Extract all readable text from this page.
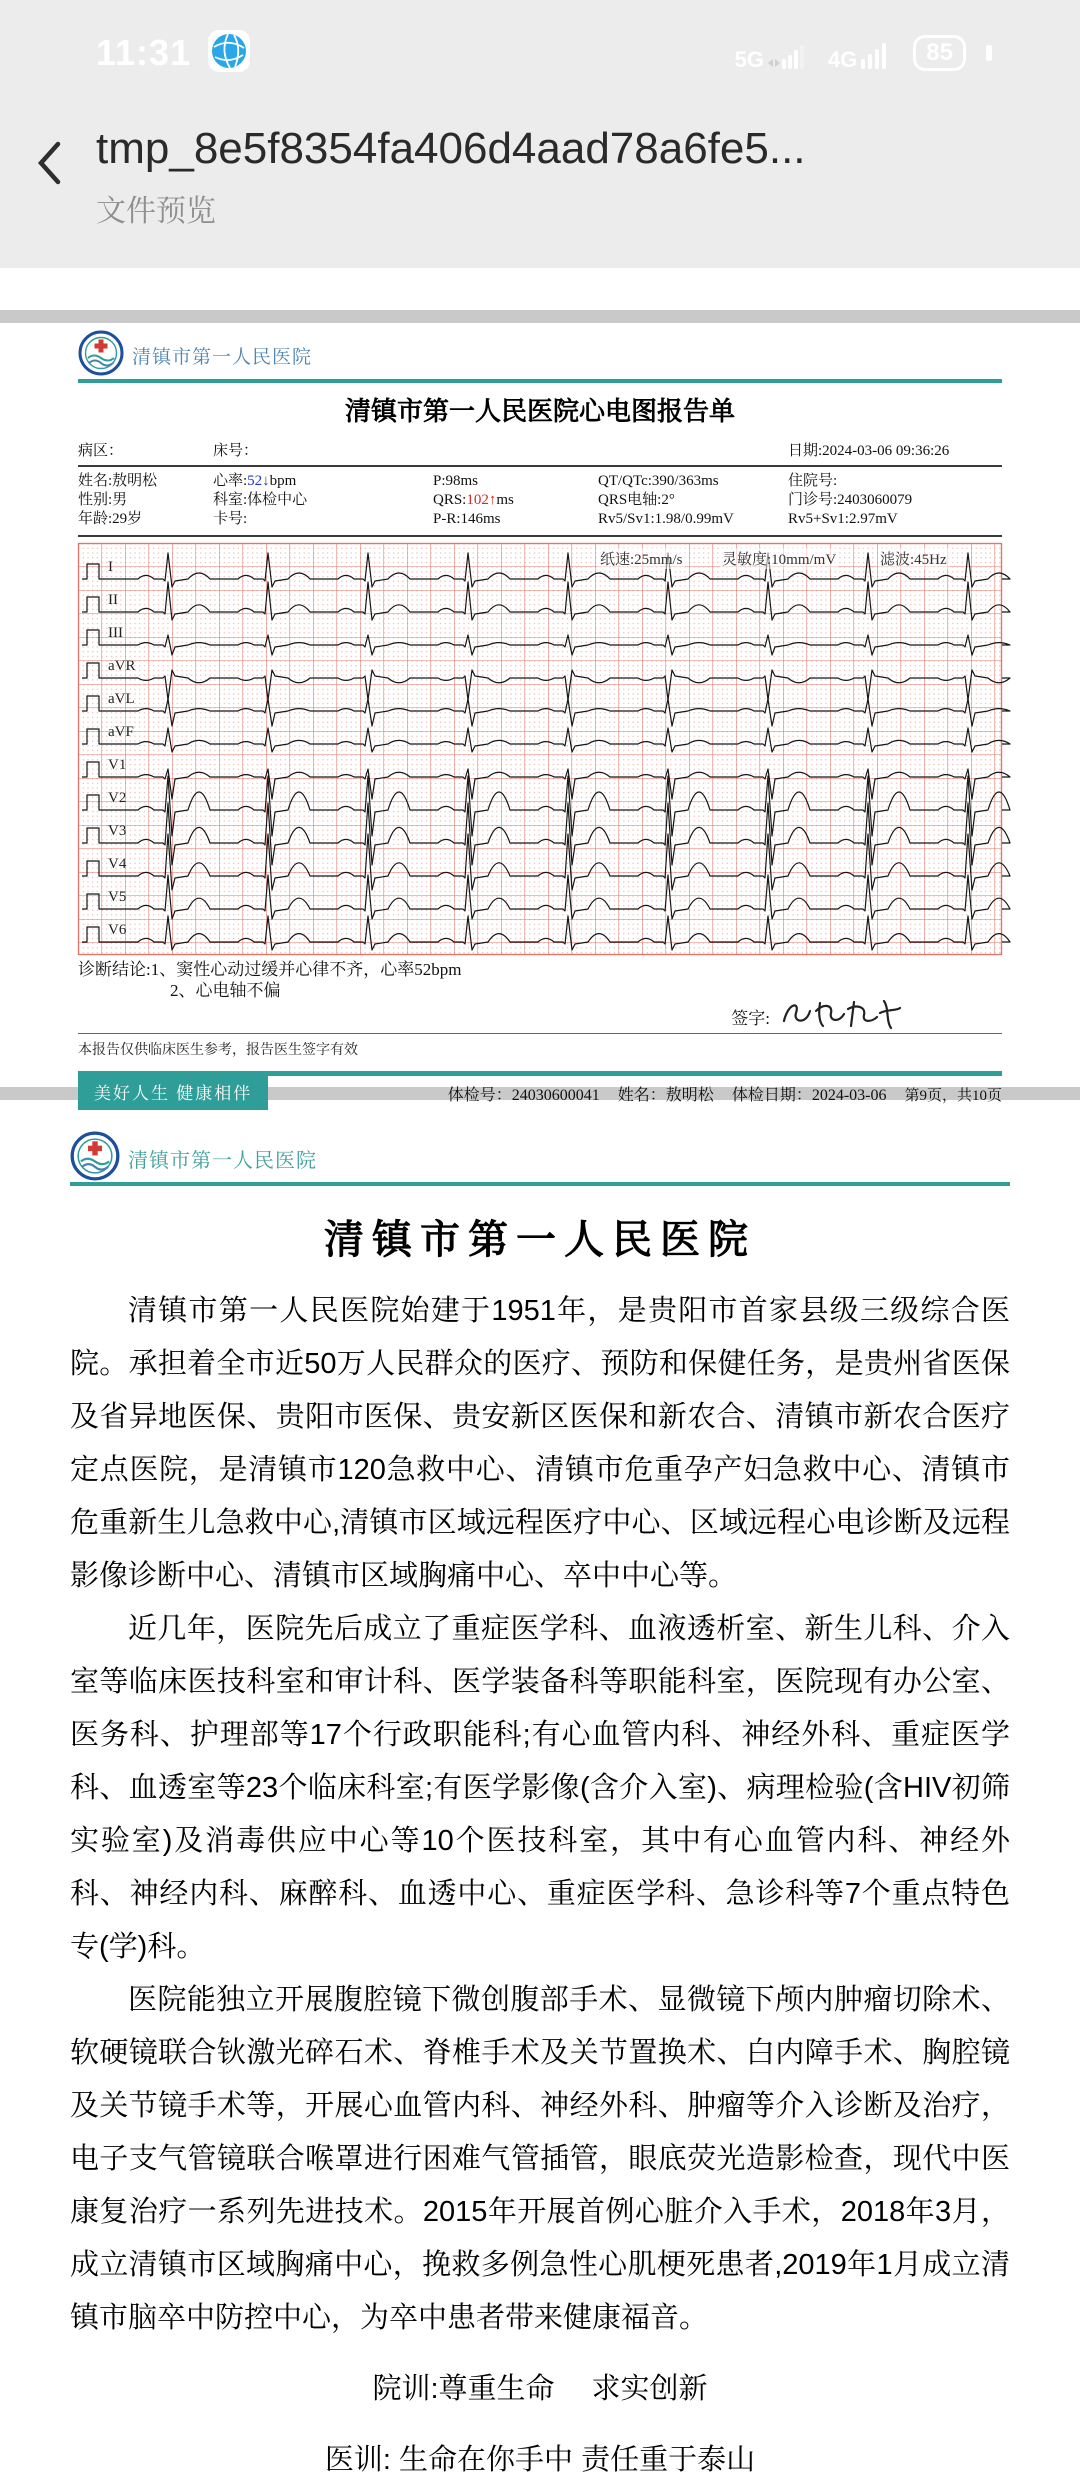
11:31	5G	4G	85
tmp_8e5f8354fa406d4aad78a6fe5...
文件预览
清镇市第一人民医院
清镇市第一人民医院心电图报告单
病区：	床号：	日期:2024-03-06 09:36:26
姓名:敖明松	心率:52↓bpm	P:98ms	QT/QTc:390/363ms	住院号:
性别:男	科室:体检中心	QRS:102↑ms	QRS电轴:2°	门诊号:2403060079
年龄:29岁	卡号:	P-R:146ms	Rv5/Sv1:1.98/0.99mV	Rv5+Sv1:2.97mV
I
II
III
aVR
aVL
aVF
V1
V2
V3
V4
V5
V6
纸速:25mm/s	灵敏度:10mm/mV	滤波:45Hz
诊断结论:1、窦性心动过缓并心律不齐，心率52bpm
2、心电轴不偏
签字:
本报告仅供临床医生参考，报告医生签字有效
美好人生 健康相伴	体检号：24030600041 姓名：敖明松 体检日期：2024-03-06 第9页，共10页
清镇市第一人民医院
清镇市第一人民医院

清镇市第一人民医院始建于1951年，是贵阳市首家县级三级综合医院。承担着全市近50万人民群众的医疗、预防和保健任务，是贵州省医保及省异地医保、贵阳市医保、贵安新区医保和新农合、清镇市新农合医疗定点医院，是清镇市120急救中心、清镇市危重孕产妇急救中心、清镇市危重新生儿急救中心,清镇市区域远程医疗中心、区域远程心电诊断及远程影像诊断中心、清镇市区域胸痛中心、卒中中心等。

近几年，医院先后成立了重症医学科、血液透析室、新生儿科、介入室等临床医技科室和审计科、医学装备科等职能科室，医院现有办公室、医务科、护理部等17个行政职能科;有心血管内科、神经外科、重症医学科、血透室等23个临床科室;有医学影像(含介入室)、病理检验(含HIV初筛实验室)及消毒供应中心等10个医技科室，其中有心血管内科、神经外科、神经内科、麻醉科、血透中心、重症医学科、急诊科等7个重点特色专(学)科。

医院能独立开展腹腔镜下微创腹部手术、显微镜下颅内肿瘤切除术、软硬镜联合钬激光碎石术、脊椎手术及关节置换术、白内障手术、胸腔镜及关节镜手术等，开展心血管内科、神经外科、肿瘤等介入诊断及治疗，电子支气管镜联合喉罩进行困难气管插管，眼底荧光造影检查，现代中医康复治疗一系列先进技术。2015年开展首例心脏介入手术，2018年3月，成立清镇市区域胸痛中心，挽救多例急性心肌梗死患者,2019年1月成立清镇市脑卒中防控中心，为卒中患者带来健康福音。

院训:尊重生命　 求实创新
医训: 生命在你手中 责任重于泰山
